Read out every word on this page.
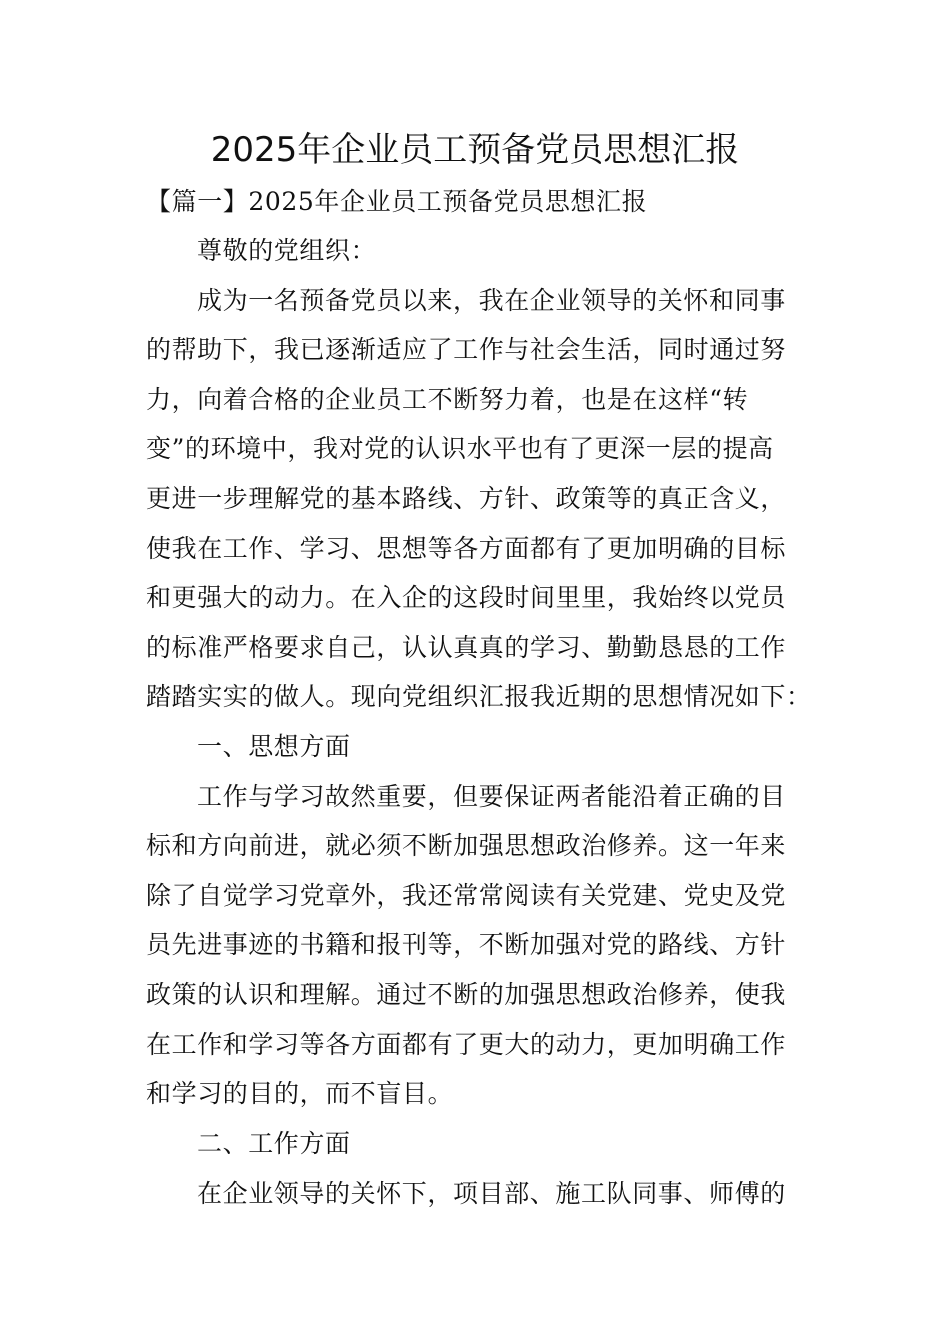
2025年企业员工预备党员思想汇报

【篇一】2025年企业员工预备党员思想汇报

尊敬的党组织：

成为一名预备党员以来，我在企业领导的关怀和同事

的帮助下，我已逐渐适应了工作与社会生活，同时通过努

力，向着合格的企业员工不断努力着，也是在这样“转

变”的环境中，我对党的认识水平也有了更深一层的提高

更进一步理解党的基本路线、方针、政策等的真正含义，

使我在工作、学习、思想等各方面都有了更加明确的目标

和更强大的动力。在入企的这段时间里里，我始终以党员

的标准严格要求自己，认认真真的学习、勤勤恳恳的工作

踏踏实实的做人。现向党组织汇报我近期的思想情况如下：

一、思想方面

工作与学习故然重要，但要保证两者能沿着正确的目

标和方向前进，就必须不断加强思想政治修养。这一年来

除了自觉学习党章外，我还常常阅读有关党建、党史及党

员先进事迹的书籍和报刊等，不断加强对党的路线、方针

政策的认识和理解。通过不断的加强思想政治修养，使我

在工作和学习等各方面都有了更大的动力，更加明确工作

和学习的目的，而不盲目。

二、工作方面

在企业领导的关怀下，项目部、施工队同事、师傅的
